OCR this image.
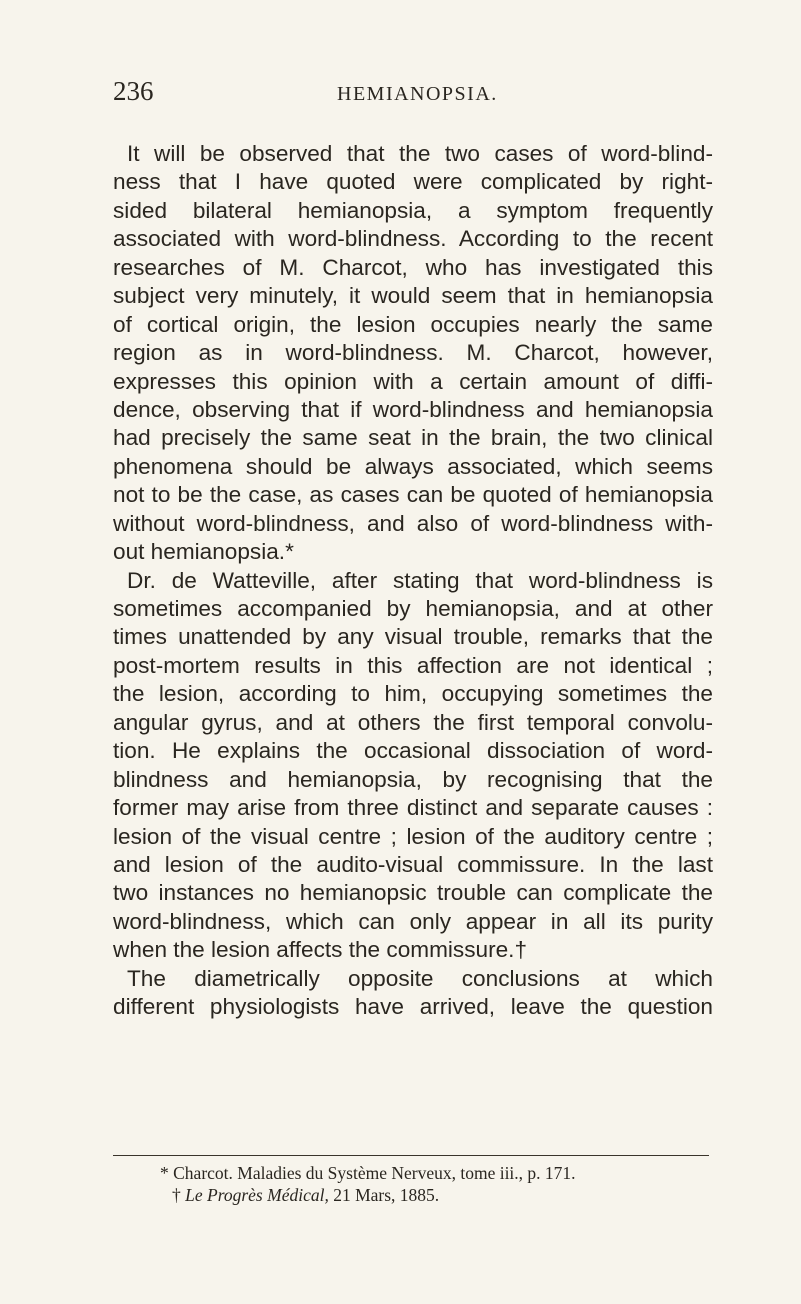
236	HEMIANOPSIA.
It will be observed that the two cases of word-blind-
ness that I have quoted were complicated by right-
sided bilateral hemianopsia, a symptom frequently
associated with word-blindness. According to the recent
researches of M. Charcot, who has investigated this
subject very minutely, it would seem that in hemianopsia
of cortical origin, the lesion occupies nearly the same
region as in word-blindness. M. Charcot, however,
expresses this opinion with a certain amount of diffi-
dence, observing that if word-blindness and hemianopsia
had precisely the same seat in the brain, the two clinical
phenomena should be always associated, which seems
not to be the case, as cases can be quoted of hemianopsia
without word-blindness, and also of word-blindness with-
out hemianopsia.*
Dr. de Watteville, after stating that word-blindness is
sometimes accompanied by hemianopsia, and at other
times unattended by any visual trouble, remarks that the
post-mortem results in this affection are not identical ;
the lesion, according to him, occupying sometimes the
angular gyrus, and at others the first temporal convolu-
tion. He explains the occasional dissociation of word-
blindness and hemianopsia, by recognising that the
former may arise from three distinct and separate causes :
lesion of the visual centre ; lesion of the auditory centre ;
and lesion of the audito-visual commissure. In the last
two instances no hemianopsic trouble can complicate the
word-blindness, which can only appear in all its purity
when the lesion affects the commissure.†
The diametrically opposite conclusions at which
different physiologists have arrived, leave the question
* Charcot. Maladies du Système Nerveux, tome iii., p. 171.
† Le Progrès Médical, 21 Mars, 1885.
